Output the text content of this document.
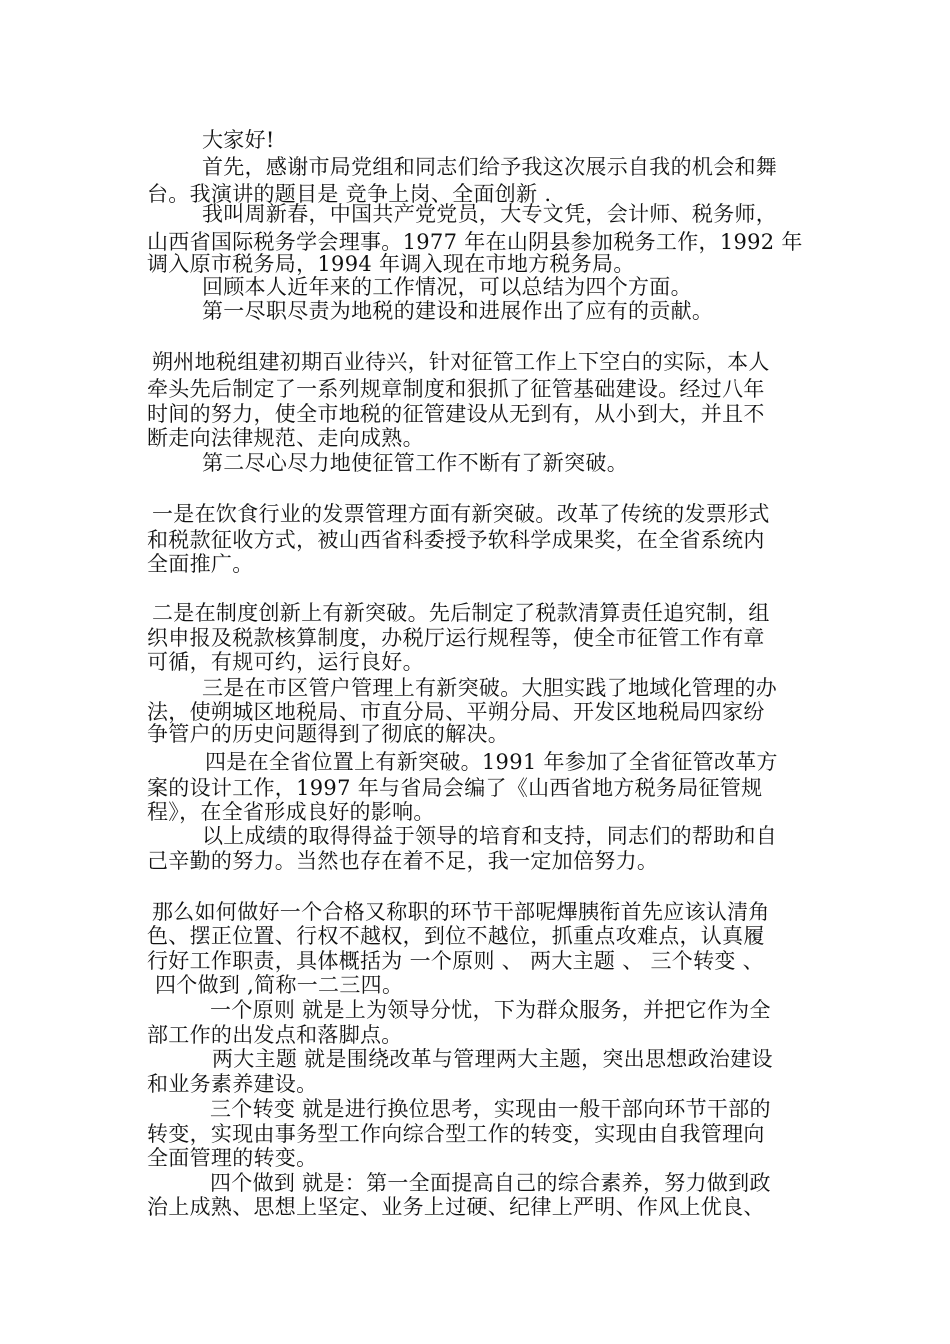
大家好!
首先，感谢市局党组和同志们给予我这次展示自我的机会和舞
台。我演讲的题目是 竞争上岗、全面创新 .
我叫周新春，中国共产党党员，大专文凭，会计师、税务师，
山西省国际税务学会理事。1977 年在山阴县参加税务工作，1992 年
调入原市税务局，1994 年调入现在市地方税务局。
回顾本人近年来的工作情况，可以总结为四个方面。
第一尽职尽责为地税的建设和进展作出了应有的贡献。
朔州地税组建初期百业待兴，针对征管工作上下空白的实际，本人
牵头先后制定了一系列规章制度和狠抓了征管基础建设。经过八年
时间的努力，使全市地税的征管建设从无到有，从小到大，并且不
断走向法律规范、走向成熟。
第二尽心尽力地使征管工作不断有了新突破。
一是在饮食行业的发票管理方面有新突破。改革了传统的发票形式
和税款征收方式，被山西省科委授予软科学成果奖，在全省系统内
全面推广。
二是在制度创新上有新突破。先后制定了税款清算责任追究制，组
织申报及税款核算制度，办税厅运行规程等，使全市征管工作有章
可循，有规可约，运行良好。
三是在市区管户管理上有新突破。大胆实践了地域化管理的办
法，使朔城区地税局、市直分局、平朔分局、开发区地税局四家纷
争管户的历史问题得到了彻底的解决。
四是在全省位置上有新突破。1991 年参加了全省征管改革方
案的设计工作，1997 年与省局会编了《山西省地方税务局征管规
程》，在全省形成良好的影响。
以上成绩的取得得益于领导的培育和支持，同志们的帮助和自
己辛勤的努力。当然也存在着不足，我一定加倍努力。
那么如何做好一个合格又称职的环节干部呢熚胰衔首先应该认清角
色、摆正位置、行权不越权，到位不越位，抓重点攻难点，认真履
行好工作职责，具体概括为 一个原则 、 两大主题 、 三个转变 、
四个做到 ,简称一二三四。
一个原则 就是上为领导分忧，下为群众服务，并把它作为全
部工作的出发点和落脚点。
两大主题 就是围绕改革与管理两大主题，突出思想政治建设
和业务素养建设。
三个转变 就是进行换位思考，实现由一般干部向环节干部的
转变，实现由事务型工作向综合型工作的转变，实现由自我管理向
全面管理的转变。
四个做到 就是：第一全面提高自己的综合素养，努力做到政
治上成熟、思想上坚定、业务上过硬、纪律上严明、作风上优良、
